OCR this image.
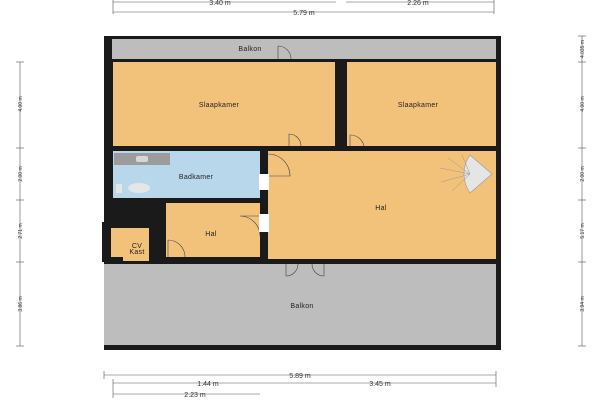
Balkon
Slaapkamer	Slaapkamer
Badkamer
Hal
Hal
CV
Kast
Balkon
3.40 m	2.26 m
5.79 m
5.89 m
1.44 m	3.45 m
2.23 m
4.00 m
2.00 m
2.71 m
3.86 m
4.035 m
4.00 m
2.00 m
5.17 m
3.94 m
